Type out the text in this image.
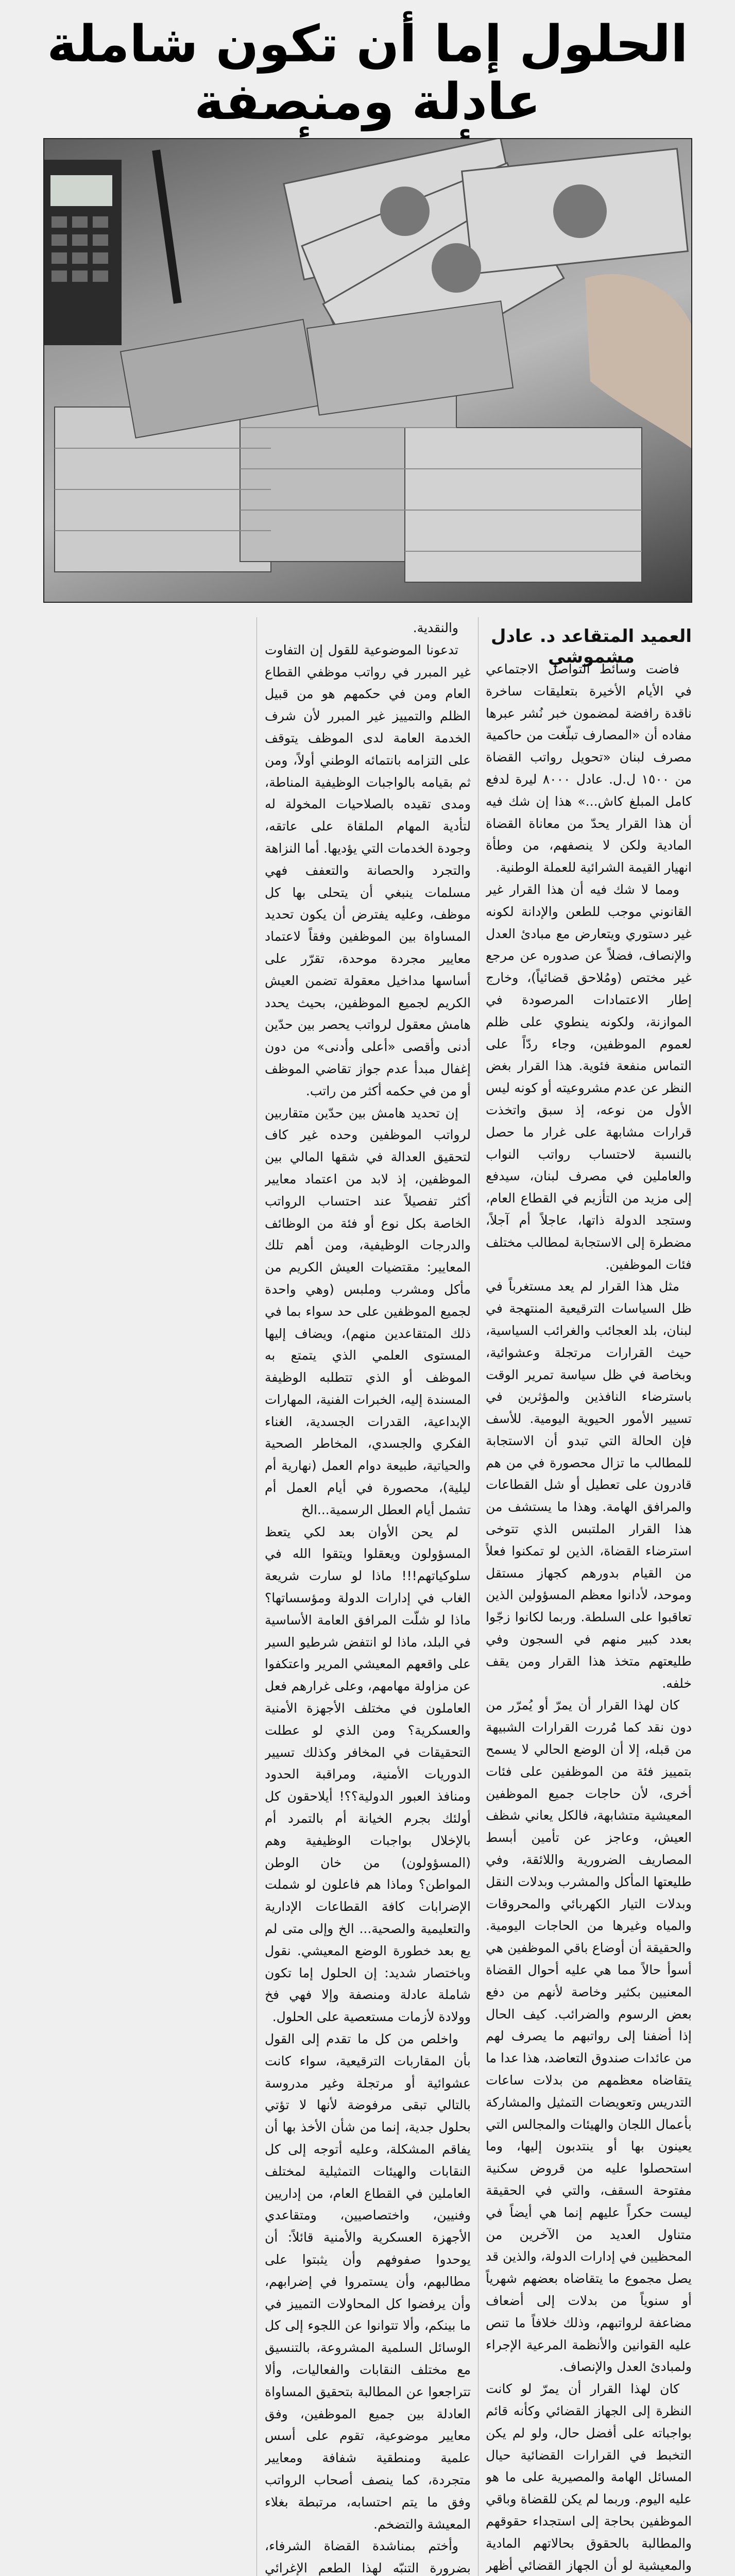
الحلول إما أن تكون شاملة عادلة ومنصفة

العميد المتقاعد د. عادل مشموشي

فاضت وسائط التواصل الاجتماعي في الأيام الأخيرة بتعليقات ساخرة ناقدة رافضة لمضمون خبر نُشر عبرها مفاده أن «المصارف تبلّغت من حاكمية مصرف لبنان «تحويل رواتب القضاة من ١٥٠٠ ل.ل. عادل ٨٠٠٠ ليرة لدفع كامل المبلغ كاش...» هذا إن شك فيه أن هذا القرار يحدّ من معاناة القضاة المادية ولكن لا ينصفهم، من وطأة انهيار القيمة الشرائية للعملة الوطنية.

ومما لا شك فيه أن هذا القرار غير القانوني موجب للطعن والإدانة لكونه غير دستوري ويتعارض مع مبادئ العدل والإنصاف، فضلاً عن صدوره عن مرجع غير مختص (ومُلاحق قضائياً)، وخارج إطار الاعتمادات المرصودة في الموازنة، ولكونه ينطوي على ظلم لعموم الموظفين، وجاء ردّاً على التماس منفعة فئوية. هذا القرار بغض النظر عن عدم مشروعيته أو كونه ليس الأول من نوعه، إذ سبق واتخذت قرارات مشابهة على غرار ما حصل بالنسبة لاحتساب رواتب النواب والعاملين في مصرف لبنان، سيدفع إلى مزيد من التأزيم في القطاع العام، وستجد الدولة ذاتها، عاجلاً أم آجلاً، مضطرة إلى الاستجابة لمطالب مختلف فئات الموظفين.

مثل هذا القرار لم يعد مستغرباً في ظل السياسات الترقيعية المنتهجة في لبنان، بلد العجائب والغرائب السياسية، حيث القرارات مرتجلة وعشوائية، وبخاصة في ظل سياسة تمرير الوقت باسترضاء النافذين والمؤثرين في تسيير الأمور الحيوية اليومية. للأسف فإن الحالة التي تبدو أن الاستجابة للمطالب ما تزال محصورة في من هم قادرون على تعطيل أو شل القطاعات والمرافق الهامة. وهذا ما يستشف من هذا القرار الملتبس الذي تتوخى استرضاء القضاة، الذين لو تمكنوا فعلاً من القيام بدورهم كجهاز مستقل وموحد، لأدانوا معظم المسؤولين الذين تعاقبوا على السلطة. وربما لكانوا زجّوا بعدد كبير منهم في السجون وفي طليعتهم متخذ هذا القرار ومن يقف خلفه.

كان لهذا القرار أن يمرّ أو يُمرّر من دون نقد كما مُررت القرارات الشبيهة من قبله، إلا أن الوضع الحالي لا يسمح بتمييز فئة من الموظفين على فئات أخرى، لأن حاجات جميع الموظفين المعيشية متشابهة، فالكل يعاني شظف العيش، وعاجز عن تأمين أبسط المصاريف الضرورية واللائقة، وفي طليعتها المأكل والمشرب وبدلات النقل وبدلات التيار الكهربائي والمحروقات والمياه وغيرها من الحاجات اليومية. والحقيقة أن أوضاع باقي الموظفين هي أسوأ حالاً مما هي عليه أحوال القضاة المعنيين بكثير وخاصة لأنهم من دفع بعض الرسوم والضرائب. كيف الحال إذا أضفنا إلى رواتبهم ما يصرف لهم من عائدات صندوق التعاضد، هذا عدا ما يتقاضاه معظمهم من بدلات ساعات التدريس وتعويضات التمثيل والمشاركة بأعمال اللجان والهيئات والمجالس التي يعينون بها أو ينتدبون إليها، وما استحصلوا عليه من قروض سكنية مفتوحة السقف، والتي في الحقيقة ليست حكراً عليهم إنما هي أيضاً في متناول العديد من الآخرين من المحظيين في إدارات الدولة، والذين قد يصل مجموع ما يتقاضاه بعضهم شهرياً أو سنوياً من بدلات إلى أضعاف مضاعفة لرواتبهم، وذلك خلافاً ما تنص عليه القوانين والأنظمة المرعية الإجراء ولمبادئ العدل والإنصاف.

كان لهذا القرار أن يمرّ لو كانت النظرة إلى الجهاز القضائي وكأنه قائم بواجباته على أفضل حال، ولو لم يكن التخبط في القرارات القضائية حيال المسائل الهامة والمصيرية على ما هو عليه اليوم. وربما لم يكن للقضاة وباقي الموظفين بحاجة إلى استجداء حقوقهم والمطالبة بالحقوق بحالاتهم المادية والمعيشية لو أن الجهاز القضائي أظهر

والنقدية.

تدعونا الموضوعية للقول إن التفاوت غير المبرر في رواتب موظفي القطاع العام ومن في حكمهم هو من قبيل الظلم والتمييز غير المبرر لأن شرف الخدمة العامة لدى الموظف يتوقف على التزامه بانتمائه الوطني أولاً، ومن ثم بقيامه بالواجبات الوظيفية المناطة، ومدى تقيده بالصلاحيات المخولة له لتأدية المهام الملقاة على عاتقه، وجودة الخدمات التي يؤديها. أما النزاهة والتجرد والحصانة والتعفف فهي مسلمات ينبغي أن يتحلى بها كل موظف، وعليه يفترض أن يكون تحديد المساواة بين الموظفين وفقاً لاعتماد معايير مجردة موحدة، تقرّر على أساسها مداخيل معقولة تضمن العيش الكريم لجميع الموظفين، بحيث يحدد هامش معقول لرواتب يحصر بين حدّين أدنى وأقصى «أعلى وأدنى» من دون إغفال مبدأ عدم جواز تقاضي الموظف أو من في حكمه أكثر من راتب.

إن تحديد هامش بين حدّين متقاربين لرواتب الموظفين وحده غير كاف لتحقيق العدالة في شقها المالي بين الموظفين، إذ لابد من اعتماد معايير أكثر تفصيلاً عند احتساب الرواتب الخاصة بكل نوع أو فئة من الوظائف والدرجات الوظيفية، ومن أهم تلك المعايير: مقتضيات العيش الكريم من مأكل ومشرب وملبس (وهي واحدة لجميع الموظفين على حد سواء بما في ذلك المتقاعدين منهم)، ويضاف إليها المستوى العلمي الذي يتمتع به الموظف أو الذي تتطلبه الوظيفة المسندة إليه، الخبرات الفنية، المهارات الإبداعية، القدرات الجسدية، الغناء الفكري والجسدي، المخاطر الصحية والحياتية، طبيعة دوام العمل (نهارية أم ليلية)، محصورة في أيام العمل أم تشمل أيام العطل الرسمية...الخ

لم يحن الأوان بعد لكي يتعظ المسؤولون ويعقلوا ويتقوا الله في سلوكياتهم!!! ماذا لو سارت شريعة الغاب في إدارات الدولة ومؤسساتها؟ ماذا لو شلّت المرافق العامة الأساسية في البلد، ماذا لو انتفض شرطيو السير على واقعهم المعيشي المرير واعتكفوا عن مزاولة مهامهم، وعلى غرارهم فعل العاملون في مختلف الأجهزة الأمنية والعسكرية؟ ومن الذي لو عطلت التحقيقات في المخافر وكذلك تسيير الدوريات الأمنية، ومراقبة الحدود ومنافذ العبور الدولية؟؟! أيلاحقون كل أولئك بجرم الخيانة أم بالتمرد أم بالإخلال بواجبات الوظيفية وهم (المسؤولون) من خان الوطن المواطن؟ وماذا هم فاعلون لو شملت الإضرابات كافة القطاعات الإدارية والتعليمية والصحية... الخ وإلى متى لم يع بعد خطورة الوضع المعيشي. نقول وباختصار شديد: إن الحلول إما تكون شاملة عادلة ومنصفة وإلا فهي فخ وولادة لأزمات مستعصية على الحلول.

واخلص من كل ما تقدم إلى القول بأن المقاربات الترقيعية، سواء كانت عشوائية أو مرتجلة وغير مدروسة بالتالي تبقى مرفوضة لأنها لا تؤتي بحلول جدية، إنما من شأن الأخذ بها أن يفاقم المشكلة، وعليه أتوجه إلى كل النقابات والهيئات التمثيلية لمختلف العاملين في القطاع العام، من إداريين وفنيين، واختصاصيين، ومتقاعدي الأجهزة العسكرية والأمنية قائلاً: أن يوحدوا صفوفهم وأن يثبتوا على مطالبهم، وأن يستمروا في إضرابهم، وأن يرفضوا كل المحاولات التمييز في ما بينكم، وألا تتوانوا عن اللجوء إلى كل الوسائل السلمية المشروعة، بالتنسيق مع مختلف النقابات والفعاليات، وألا تتراجعوا عن المطالبة بتحقيق المساواة العادلة بين جميع الموظفين، وفق معايير موضوعية، تقوم على أسس علمية ومنطقية شفافة ومعايير متجردة، كما ينصف أصحاب الرواتب وفق ما يتم احتسابه، مرتبطة بغلاء المعيشة والتضخم.

وأختم بمناشدة القضاة الشرفاء، بضرورة التنبّه لهذا الطعم الإغرائي
